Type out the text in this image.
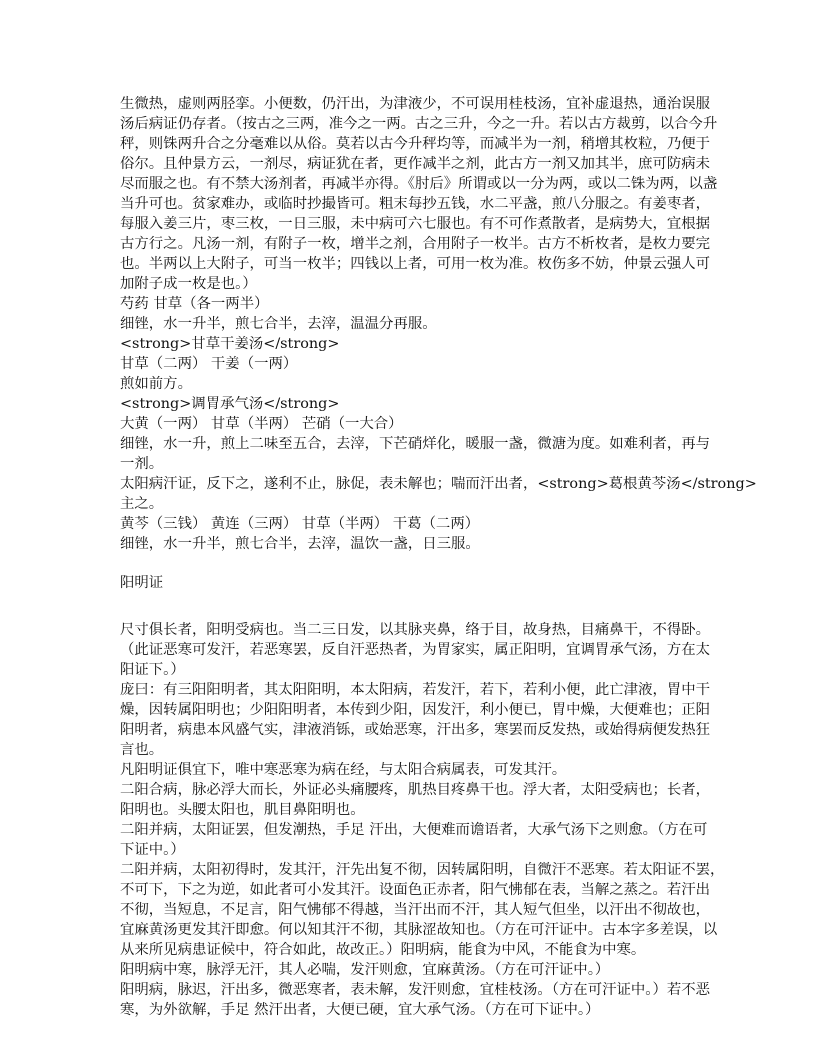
生微热，虚则两胫挛。小便数，仍汗出，为津液少，不可误用桂枝汤，宜补虚退热，通治误服
汤后病证仍存者。（按古之三两，准今之一两。古之三升，今之一升。若以古方裁剪，以合今升
秤，则铢两升合之分毫难以从俗。莫若以古今升秤均等，而减半为一剂，稍增其枚粒，乃便于
俗尔。且仲景方云，一剂尽，病证犹在者，更作减半之剂，此古方一剂又加其半，庶可防病未
尽而服之也。有不禁大汤剂者，再减半亦得。《肘后》所谓或以一分为两，或以二铢为两，以盏
当升可也。贫家难办，或临时抄撮皆可。粗末每抄五钱，水二平盏，煎八分服之。有姜枣者，
每服入姜三片，枣三枚，一日三服，未中病可六七服也。有不可作煮散者，是病势大，宜根据
古方行之。凡汤一剂，有附子一枚，增半之剂，合用附子一枚半。古方不析枚者，是枚力要完
也。半两以上大附子，可当一枚半；四钱以上者，可用一枚为准。枚伤多不妨，仲景云强人可
加附子成一枚是也。）
芍药 甘草（各一两半）
细锉，水一升半，煎七合半，去滓，温温分再服。
<strong>甘草干姜汤</strong>
甘草（二两） 干姜（一两）
煎如前方。
<strong>调胃承气汤</strong>
大黄（一两） 甘草（半两） 芒硝（一大合）
细锉，水一升，煎上二味至五合，去滓，下芒硝烊化，暖服一盏，微溏为度。如难利者，再与
一剂。
太阳病汗证，反下之，遂利不止，脉促，表未解也；喘而汗出者，<strong>葛根黄芩汤</strong>
主之。
黄芩（三钱） 黄连（三两） 甘草（半两） 干葛（二两）
细锉，水一升半，煎七合半，去滓，温饮一盏，日三服。
阳明证
尺寸俱长者，阳明受病也。当二三日发，以其脉夹鼻，络于目，故身热，目痛鼻干，不得卧。
（此证恶寒可发汗，若恶寒罢，反自汗恶热者，为胃家实，属正阳明，宜调胃承气汤，方在太
阳证下。）
庞曰：有三阳阳明者，其太阳阳明，本太阳病，若发汗，若下，若利小便，此亡津液，胃中干
燥，因转属阳明也；少阳阳明者，本传到少阳，因发汗，利小便已，胃中燥，大便难也；正阳
阳明者，病患本风盛气实，津液消铄，或始恶寒，汗出多，寒罢而反发热，或始得病便发热狂
言也。
凡阳明证俱宜下，唯中寒恶寒为病在经，与太阳合病属表，可发其汗。
二阳合病，脉必浮大而长，外证必头痛腰疼，肌热目疼鼻干也。浮大者，太阳受病也；长者，
阳明也。头腰太阳也，肌目鼻阳明也。
二阳并病，太阳证罢，但发潮热，手足 汗出，大便难而谵语者，大承气汤下之则愈。（方在可
下证中。）
二阳并病，太阳初得时，发其汗，汗先出复不彻，因转属阳明，自微汗不恶寒。若太阳证不罢，
不可下，下之为逆，如此者可小发其汗。设面色正赤者，阳气怫郁在表，当解之蒸之。若汗出
不彻，当短息，不足言，阳气怫郁不得越，当汗出而不汗，其人短气但坐，以汗出不彻故也，
宜麻黄汤更发其汗即愈。何以知其汗不彻，其脉涩故知也。（方在可汗证中。古本字多差误，以
从来所见病患证候中，符合如此，故改正。）阳明病，能食为中风，不能食为中寒。
阳明病中寒，脉浮无汗，其人必喘，发汗则愈，宜麻黄汤。（方在可汗证中。）
阳明病，脉迟，汗出多，微恶寒者，表未解，发汗则愈，宜桂枝汤。（方在可汗证中。）若不恶
寒，为外欲解，手足 然汗出者，大便已硬，宜大承气汤。（方在可下证中。）
